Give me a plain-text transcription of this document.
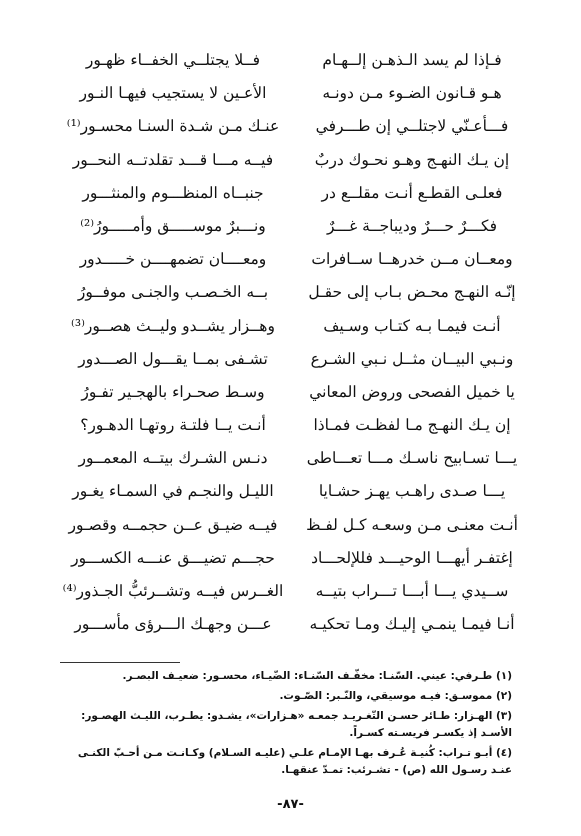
فـإذا لم يسد الـذهـن إلــهـام
فــلا يجتلــي الخفــاء ظهـور
هـو قـانون الضـوء مـن دونـه
الأعـين لا يستجيب فيهـا النـور
فـــأعـنّي لاجتلــي إن طـــرفي
عنـك مـن شـدة السنـا محسـور⁽¹⁾
إن يـك النهـج وهـو نحـوك دربٌ
فيــه مـــا قـــد تقلدتــه النحــور
فعلـى القطـع أنـت مقلــع در
جنبــاه المنظـــوم والمنثـــور
فكـــرٌ حـــرٌ وديباجــة غـــرٌ
ونـــبرٌ موســـــق وأمـــــورُ⁽²⁾
ومعــان مــن خدرهــا ســافرات
ومعــــان تضمهــــن خـــــدور
إنّـه النهـج محـض بـاب إلى حقـل
بــه الخـصـب والجنـى موفــورُ
أنـت فيمـا بـه كتـاب وسـيف
وهــزار يشــدو وليــث هصــور⁽³⁾
ونـبي البيــان مثــل نـبي الشـرع
تشـفى بمــا يقـــول الصـــدور
يا خميل الفصحى وروض المعاني
وسـط صحـراء بالهجـير تفـورُ
إن يـك النهـج مـا لفظـت فمـاذا
أنـت يــا فلتـة روتهـا الدهـور؟
يـــا تسـابيح ناسـك مـــا تعـــاطى
دنـس الشـرك بيتــه المعمــور
يـــا صـدى راهـب يهـز حشـايا
الليـل والنجـم في السمـاء يغـور
أنـت معنـى مـن وسعـه كـل لفـظ
فيــه ضيـق عــن حجمــه وقصـور
إغتفـر أيهـــا الوحيـــد فللإلحـــاد
حجـــم تضيـــق عنـــه الكســـور
ســيدي يـــا أبـــا تـــراب بتيــه
الغــرس فيــه وتشــرئبُّ الجـذور⁽⁴⁾
أنـا فيمـا ينمـي إليـك ومـا تحكيـه
عـــن وجهـك الـــرؤى مأســـور

(١) طـرفي: عيني. السّنـا: مخفّـف السّنـاء: الضّيـاء، محسـور: ضعيـف البصـر.

(٢) مموسـق: فيـه موسيقي، والنّـبر: الصّـوت.

(٣) الهـزار: طـائر حسـن التّغـريـد جمعـه «هـزارات»، يشـدو: يطـرب، الليـث الهصـور: الأسـد إذ يكسـر فريسـته كسـراً.

(٤) أبـو تـراب: كُنيـة عُـرف بهـا الإمـام علـي (عليـه السـلام) وكـانـت مـن أحـبّ الكنـى عنـد رسـول الله (ص) - تشـرئب: تمـدّ عنقهـا.

-٨٧-
